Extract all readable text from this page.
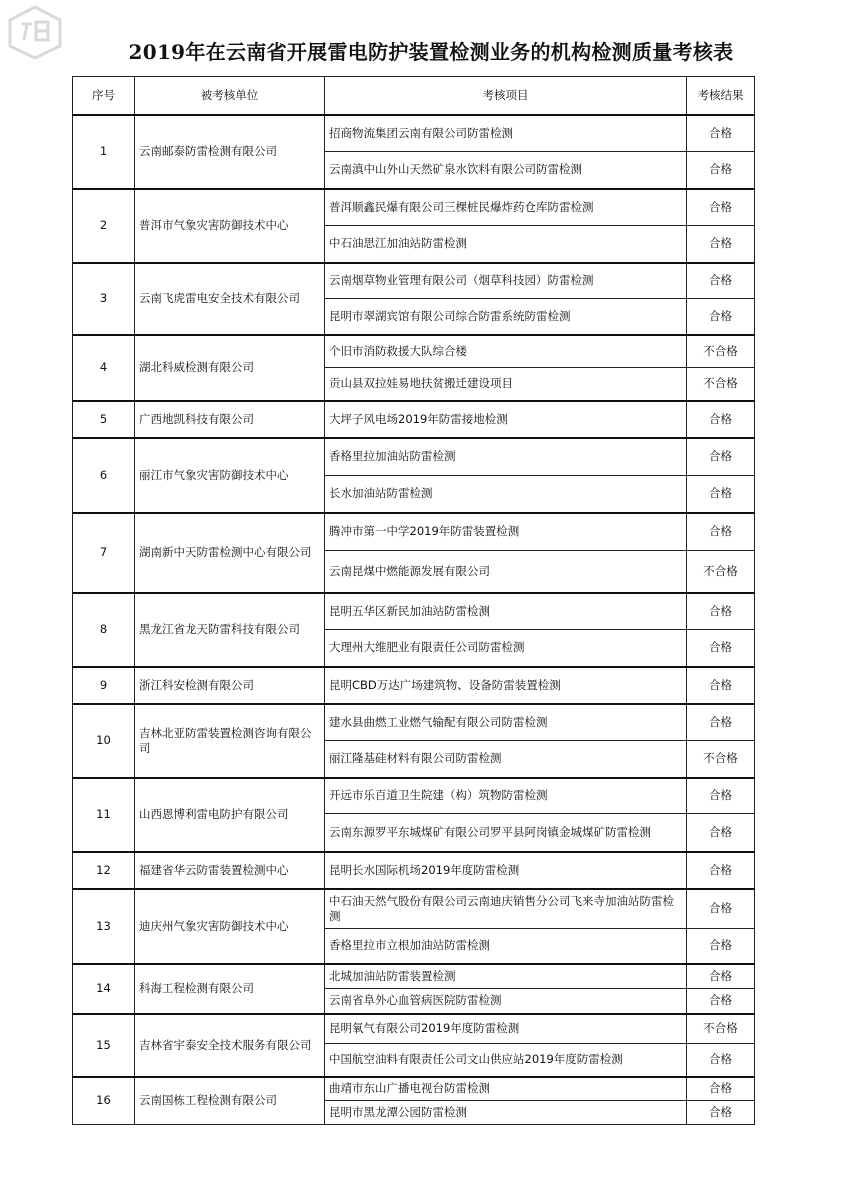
2019年在云南省开展雷电防护装置检测业务的机构检测质量考核表
序号	被考核单位	考核项目	考核结果
1	云南邮泰防雷检测有限公司	招商物流集团云南有限公司防雷检测	合格
		云南滇中山外山天然矿泉水饮料有限公司防雷检测	合格
2	普洱市气象灾害防御技术中心	普洱顺鑫民爆有限公司三棵桩民爆炸药仓库防雷检测	合格
		中石油思江加油站防雷检测	合格
3	云南飞虎雷电安全技术有限公司	云南烟草物业管理有限公司（烟草科技园）防雷检测	合格
		昆明市翠湖宾馆有限公司综合防雷系统防雷检测	合格
4	湖北科威检测有限公司	个旧市消防救援大队综合楼	不合格
		贡山县双拉娃易地扶贫搬迁建设项目	不合格
5	广西地凯科技有限公司	大坪子风电场2019年防雷接地检测	合格
6	丽江市气象灾害防御技术中心	香格里拉加油站防雷检测	合格
		长水加油站防雷检测	合格
7	湖南新中天防雷检测中心有限公司	腾冲市第一中学2019年防雷装置检测	合格
		云南昆煤中燃能源发展有限公司	不合格
8	黑龙江省龙天防雷科技有限公司	昆明五华区新民加油站防雷检测	合格
		大理州大维肥业有限责任公司防雷检测	合格
9	浙江科安检测有限公司	昆明CBD万达广场建筑物、设备防雷装置检测	合格
10	吉林北亚防雷装置检测咨询有限公司	建水县曲燃工业燃气输配有限公司防雷检测	合格
		丽江隆基硅材料有限公司防雷检测	不合格
11	山西恩博利雷电防护有限公司	开远市乐百道卫生院建（构）筑物防雷检测	合格
		云南东源罗平东城煤矿有限公司罗平县阿岗镇金城煤矿防雷检测	合格
12	福建省华云防雷装置检测中心	昆明长水国际机场2019年度防雷检测	合格
13	迪庆州气象灾害防御技术中心	中石油天然气股份有限公司云南迪庆销售分公司飞来寺加油站防雷检测	合格
		香格里拉市立根加油站防雷检测	合格
14	科海工程检测有限公司	北城加油站防雷装置检测	合格
		云南省阜外心血管病医院防雷检测	合格
15	吉林省宇泰安全技术服务有限公司	昆明氧气有限公司2019年度防雷检测	不合格
		中国航空油料有限责任公司文山供应站2019年度防雷检测	合格
16	云南国栋工程检测有限公司	曲靖市东山广播电视台防雷检测	合格
		昆明市黑龙潭公园防雷检测	合格
